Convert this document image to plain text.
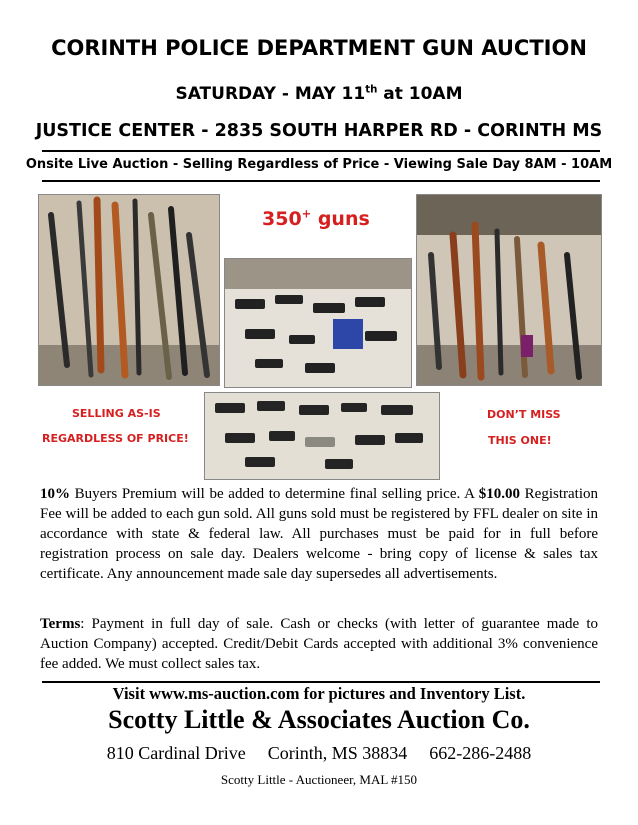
CORINTH POLICE DEPARTMENT GUN AUCTION
SATURDAY - MAY 11th at 10AM
JUSTICE CENTER - 2835 SOUTH HARPER RD - CORINTH MS
Onsite Live Auction - Selling Regardless of Price - Viewing Sale Day 8AM - 10AM
350+ guns
SELLING AS-IS
REGARDLESS OF PRICE!
DON’T MISS
THIS ONE!
10% Buyers Premium will be added to determine final selling price. A $10.00 Registration Fee will be added to each gun sold. All guns sold must be registered by FFL dealer on site in accordance with state & federal law. All purchases must be paid for in full before registration process on sale day. Dealers welcome - bring copy of license & sales tax certificate. Any announcement made sale day supersedes all advertisements.
Terms: Payment in full day of sale. Cash or checks (with letter of guarantee made to Auction Company) accepted. Credit/Debit Cards accepted with additional 3% convenience fee added. We must collect sales tax.
Visit www.ms-auction.com for pictures and Inventory List.
Scotty Little & Associates Auction Co.
810 Cardinal Drive Corinth, MS 38834 662-286-2488
Scotty Little - Auctioneer, MAL #150
